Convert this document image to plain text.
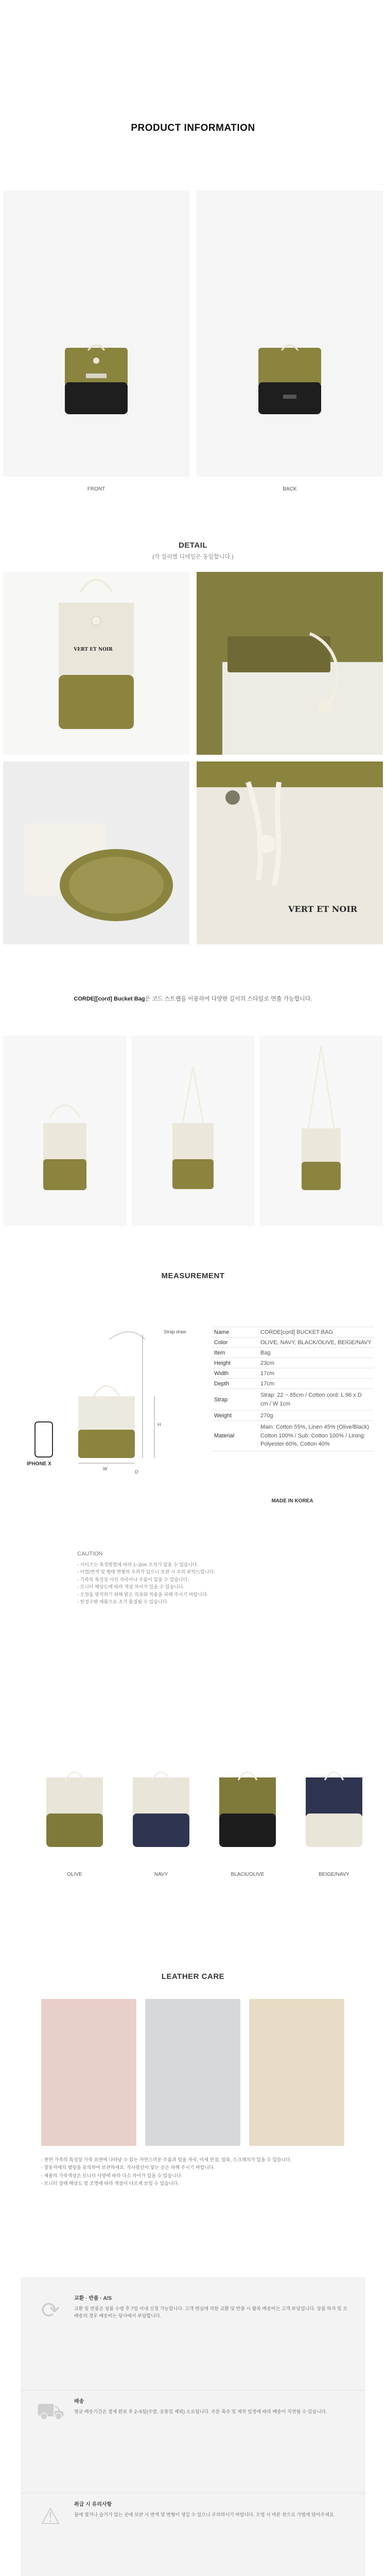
PRODUCT INFORMATION
FRONT	BACK
DETAIL
(각 컬러별 디테일은 동일합니다.)
VERT ET NOIR
VERT ET NOIR
CORDE[[cord] Bucket Bag은 코드 스트랩을 이용하여 다양한 길이의 스타일로 연출 가능합니다.
MEASUREMENT
Strap draw
H
W
D
IPHONE X
Name	CORDE[cord] BUCKET BAG
Color	OLIVE, NAVY, BLACK/OLIVE, BEIGE/NAVY
Item	Bag
Height	23cm
Width	17cm
Depth	17cm
Strap
Strap: 22 ~ 85cm / Cotton cord: L 96 x D cm / W 1cm
Weight	270g
Material
Main: Cotton 55%, Linen 45% (Olive/Black) Cotton 100% / Sub: Cotton 100% / Lining: Polyester 60%, Cotton 40%
MADE IN KOREA
CAUTION
- 사이즈는 측정방법에 따라 1~2cm 오차가 있을 수 있습니다.
- 이염/변색 및 형태 변형의 우려가 있으니 보관 시 주의 부탁드립니다.
- 가죽의 특성상 사선 자국이나 주름이 있을 수 있습니다.
- 모니터 해상도에 따라 색상 차이가 있을 수 있습니다.
- 오염을 방지하기 위해 밝은 의류와 착용을 피해 주시기 바랍니다.
- 한정수량 제품으로 조기 품절될 수 있습니다.
OLIVE	NAVY	BLACK/OLIVE	BEIGE/NAVY
LEATHER CARE
- 천연 가죽의 특성상 가죽 표면에 나타날 수 있는 자연스러운 주름과 털을 자국, 미세 반점, 얼룩, 스크래치가 있을 수 있습니다.
- 장동자에의 행링을 유의하여 보관하세요. 직사광선이 닿는 곳은 피해 주시기 바랍니다.
- 제품의 가죽색상은 모니터 사양에 따라 다소 차이가 있을 수 있습니다.
- 모니터 상태 해상도 및 조명에 따라 색상이 다르게 보일 수 있습니다.
⟳	교환 · 반품 · A/S
교환 및 반품은 상품 수령 후 7일 이내 신청 가능합니다. 고객 변심에 의한 교환 및 반품 시 왕복 배송비는 고객 부담입니다. 상품 하자 및 오배송의 경우 배송비는 당사에서 부담합니다.
⛟	배송
평균 배송기간은 결제 완료 후 2~5일(주말, 공휴일 제외) 소요됩니다. 주문 폭주 및 제작 일정에 따라 배송이 지연될 수 있습니다.
⚠	취급 시 유의사항
물에 젖거나 습기가 있는 곳에 보관 시 변색 및 변형이 생길 수 있으니 주의하시기 바랍니다. 오염 시 마른 천으로 가볍게 닦아주세요.
